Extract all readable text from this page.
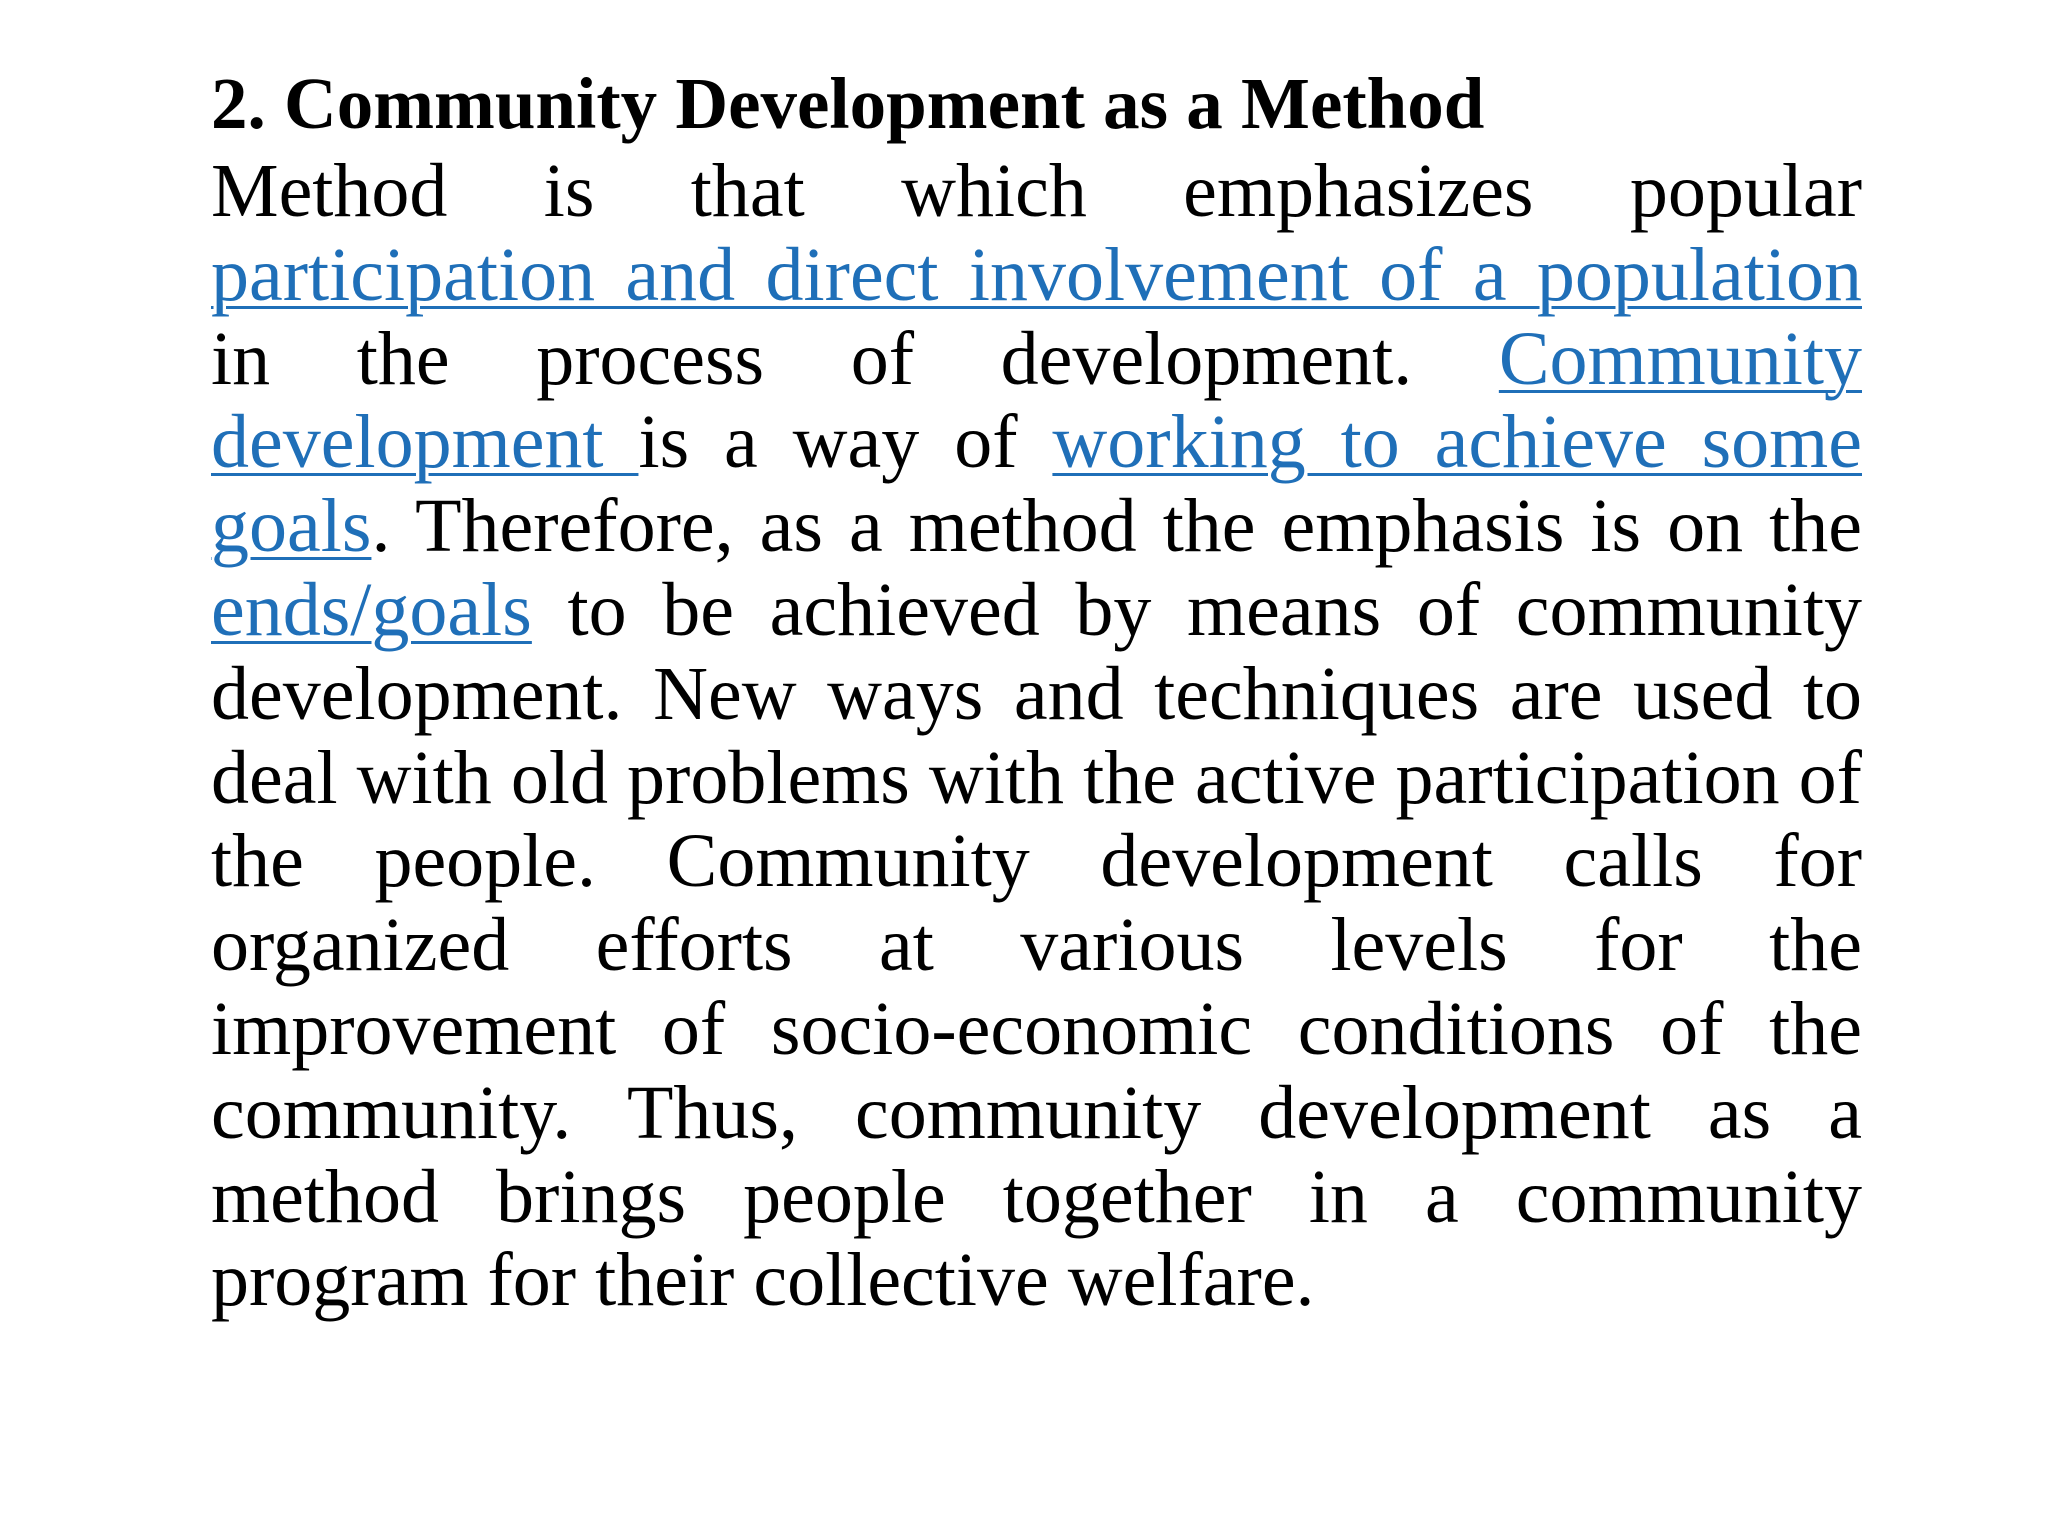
2. Community Development as a Method

Method is that which emphasizes popular participation and direct involvement of a population in the process of development. Community development is a way of working to achieve some goals. Therefore, as a method the emphasis is on the ends/goals to be achieved by means of community development. New ways and techniques are used to deal with old problems with the active participation of the people. Community development calls for organized efforts at various levels for the improvement of socio-economic conditions of the community. Thus, community development as a method brings people together in a community program for their collective welfare.
